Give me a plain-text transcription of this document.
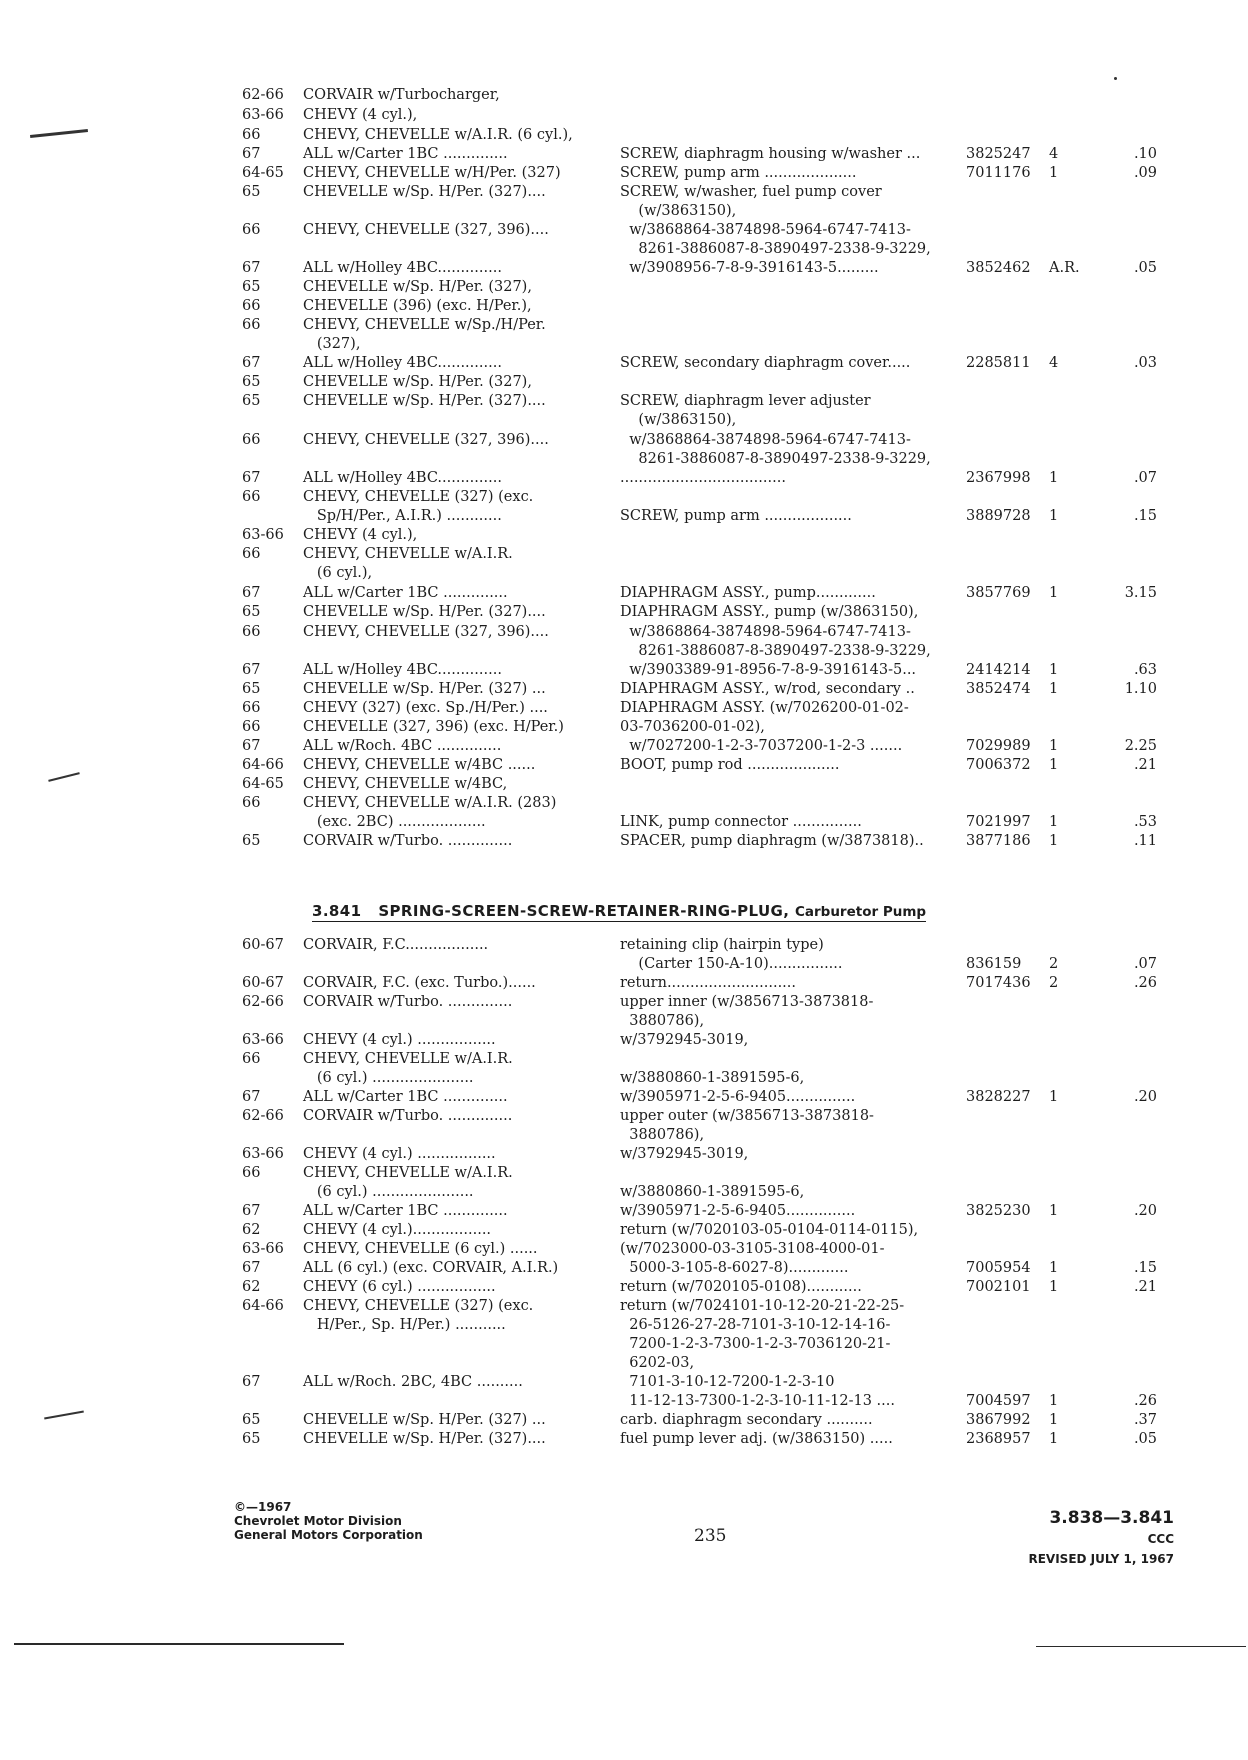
62-66 CORVAIR w/Turbocharger,
63-66 CHEVY (4 cyl.),
66	CHEVY, CHEVELLE w/A.I.R. (6 cyl.),
67	ALL w/Carter 1BC ..............	SCREW, diaphragm housing w/washer ...	3825247 4	.10
64-65 CHEVY, CHEVELLE w/H/Per. (327)	SCREW, pump arm ....................	7011176 1	.09
65	CHEVELLE w/Sp. H/Per. (327)....	SCREW, w/washer, fuel pump cover
(w/3863150),
66	CHEVY, CHEVELLE (327, 396)....	w/3868864-3874898-5964-6747-7413-
8261-3886087-8-3890497-2338-9-3229,
67	ALL w/Holley 4BC..............	w/3908956-7-8-9-3916143-5.........	3852462 A.R.	.05
65	CHEVELLE w/Sp. H/Per. (327),
66	CHEVELLE (396) (exc. H/Per.),
66	CHEVY, CHEVELLE w/Sp./H/Per.
(327),
67	ALL w/Holley 4BC..............	SCREW, secondary diaphragm cover.....	2285811 4	.03
65	CHEVELLE w/Sp. H/Per. (327),
65	CHEVELLE w/Sp. H/Per. (327)....	SCREW, diaphragm lever adjuster
(w/3863150),
66	CHEVY, CHEVELLE (327, 396)....	w/3868864-3874898-5964-6747-7413-
8261-3886087-8-3890497-2338-9-3229,
67	ALL w/Holley 4BC..............	....................................	2367998 1	.07
66	CHEVY, CHEVELLE (327) (exc.
Sp/H/Per., A.I.R.) ............	SCREW, pump arm ...................	3889728 1	.15
63-66 CHEVY (4 cyl.),
66	CHEVY, CHEVELLE w/A.I.R.
(6 cyl.),
67	ALL w/Carter 1BC ..............	DIAPHRAGM ASSY., pump.............	3857769 1	3.15
65	CHEVELLE w/Sp. H/Per. (327)....	DIAPHRAGM ASSY., pump (w/3863150),
66	CHEVY, CHEVELLE (327, 396)....	w/3868864-3874898-5964-6747-7413-
8261-3886087-8-3890497-2338-9-3229,
67	ALL w/Holley 4BC..............	w/3903389-91-8956-7-8-9-3916143-5...	2414214 1	.63
65	CHEVELLE w/Sp. H/Per. (327) ...	DIAPHRAGM ASSY., w/rod, secondary ..	3852474 1	1.10
66	CHEVY (327) (exc. Sp./H/Per.) ....	DIAPHRAGM ASSY. (w/7026200-01-02-
66	CHEVELLE (327, 396) (exc. H/Per.)	03-7036200-01-02),
67	ALL w/Roch. 4BC ..............	w/7027200-1-2-3-7037200-1-2-3 .......	7029989 1	2.25
64-66 CHEVY, CHEVELLE w/4BC ......	BOOT, pump rod ....................	7006372 1	.21
64-65 CHEVY, CHEVELLE w/4BC,
66	CHEVY, CHEVELLE w/A.I.R. (283)
(exc. 2BC) ...................	LINK, pump connector ...............	7021997 1	.53
65	CORVAIR w/Turbo. ..............	SPACER, pump diaphragm (w/3873818)..	3877186 1	.11
3.841 SPRING-SCREEN-SCREW-RETAINER-RING-PLUG, Carburetor Pump
60-67 CORVAIR, F.C..................	retaining clip (hairpin type)
(Carter 150-A-10)................	836159 2	.07
60-67 CORVAIR, F.C. (exc. Turbo.)......	return............................	7017436 2	.26
62-66 CORVAIR w/Turbo. ..............	upper inner (w/3856713-3873818-
3880786),
63-66 CHEVY (4 cyl.) .................	w/3792945-3019,
66	CHEVY, CHEVELLE w/A.I.R.
(6 cyl.) ......................	w/3880860-1-3891595-6,
67	ALL w/Carter 1BC ..............	w/3905971-2-5-6-9405...............	3828227 1	.20
62-66 CORVAIR w/Turbo. ..............	upper outer (w/3856713-3873818-
3880786),
63-66 CHEVY (4 cyl.) .................	w/3792945-3019,
66	CHEVY, CHEVELLE w/A.I.R.
(6 cyl.) ......................	w/3880860-1-3891595-6,
67	ALL w/Carter 1BC ..............	w/3905971-2-5-6-9405...............	3825230 1	.20
62	CHEVY (4 cyl.).................	return (w/7020103-05-0104-0114-0115),
63-66 CHEVY, CHEVELLE (6 cyl.) ......	(w/7023000-03-3105-3108-4000-01-
67	ALL (6 cyl.) (exc. CORVAIR, A.I.R.)	5000-3-105-8-6027-8).............	7005954 1	.15
62	CHEVY (6 cyl.) .................	return (w/7020105-0108)............	7002101 1	.21
64-66 CHEVY, CHEVELLE (327) (exc.	return (w/7024101-10-12-20-21-22-25-
H/Per., Sp. H/Per.) ...........	26-5126-27-28-7101-3-10-12-14-16-
7200-1-2-3-7300-1-2-3-7036120-21-
6202-03,
67	ALL w/Roch. 2BC, 4BC ..........	7101-3-10-12-7200-1-2-3-10
11-12-13-7300-1-2-3-10-11-12-13 ....	7004597 1	.26
65	CHEVELLE w/Sp. H/Per. (327) ...	carb. diaphragm secondary ..........	3867992 1	.37
65	CHEVELLE w/Sp. H/Per. (327)....	fuel pump lever adj. (w/3863150) .....	2368957 1	.05
©—1967
Chevrolet Motor Division
General Motors Corporation	235
3.838—3.841
CCC
REVISED JULY 1, 1967
